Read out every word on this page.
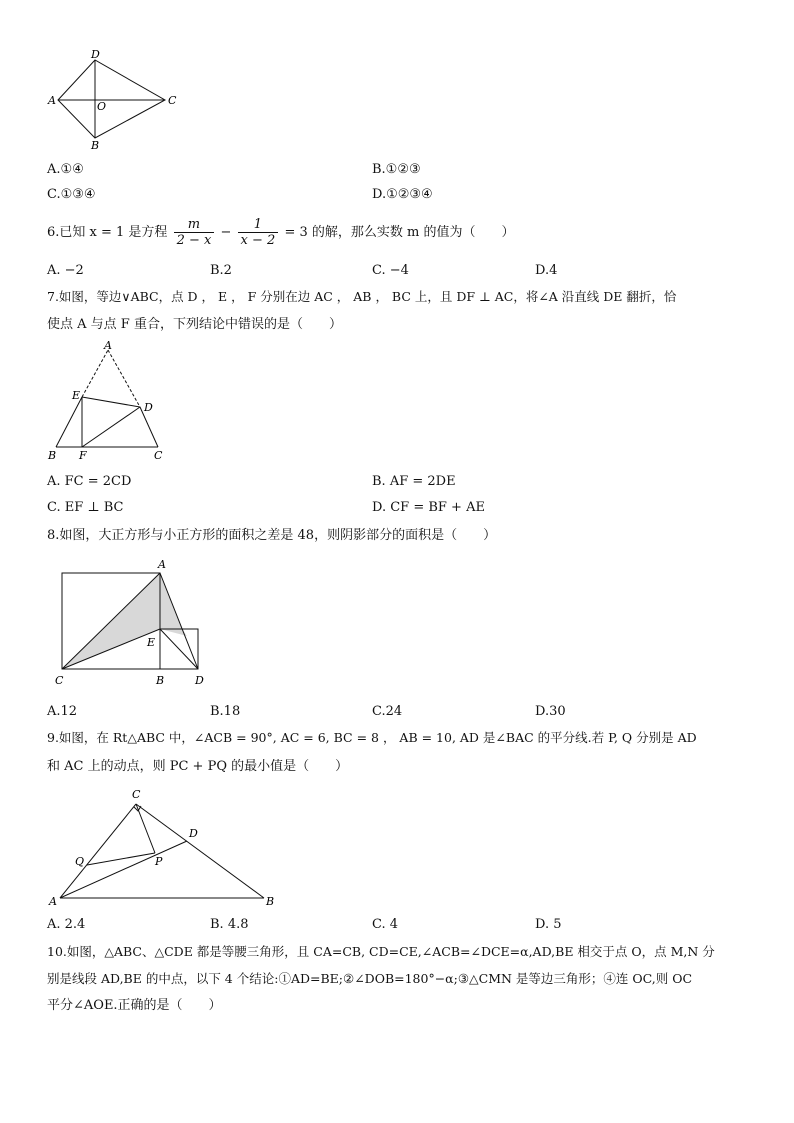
D
A	O	C
B
A.①④	B.①②③
C.①③④	D.①②③④
6.已知 x = 1 是方程 $\frac{m}{2 - x} - \frac{1}{x - 2} = 3$ 的解，那么实数 m 的值为（　　）
A. −2	B.2	C. −4	D.4
7.如图，等边∨ABC，点 D ， E ， F 分别在边 AC ， AB ， BC 上，且 DF ⊥ AC，将∠A 沿直线 DE 翻折，恰
使点 A 与点 F 重合，下列结论中错误的是（　　）
A
E
D
B F	C
A. FC = 2CD	B. AF = 2DE
C. EF ⊥ BC	D. CF = BF + AE
8.如图，大正方形与小正方形的面积之差是 48，则阴影部分的面积是（　　）
A
E
C	B	D
A.12	B.18	C.24	D.30
9.如图，在 Rt△ABC 中，∠ACB = 90°, AC = 6, BC = 8 ， AB = 10, AD 是∠BAC 的平分线.若 P, Q 分别是 AD
和 AC 上的动点，则 PC + PQ 的最小值是（　　）
C
D
Q	P
A	B
A. 2.4	B. 4.8	C. 4	D. 5
10.如图，△ABC、△CDE 都是等腰三角形，且 CA=CB, CD=CE,∠ACB=∠DCE=α,AD,BE 相交于点 O，点 M,N 分
别是线段 AD,BE 的中点，以下 4 个结论:①AD=BE;②∠DOB=180°−α;③△CMN 是等边三角形；④连 OC,则 OC
平分∠AOE.正确的是（　　）
